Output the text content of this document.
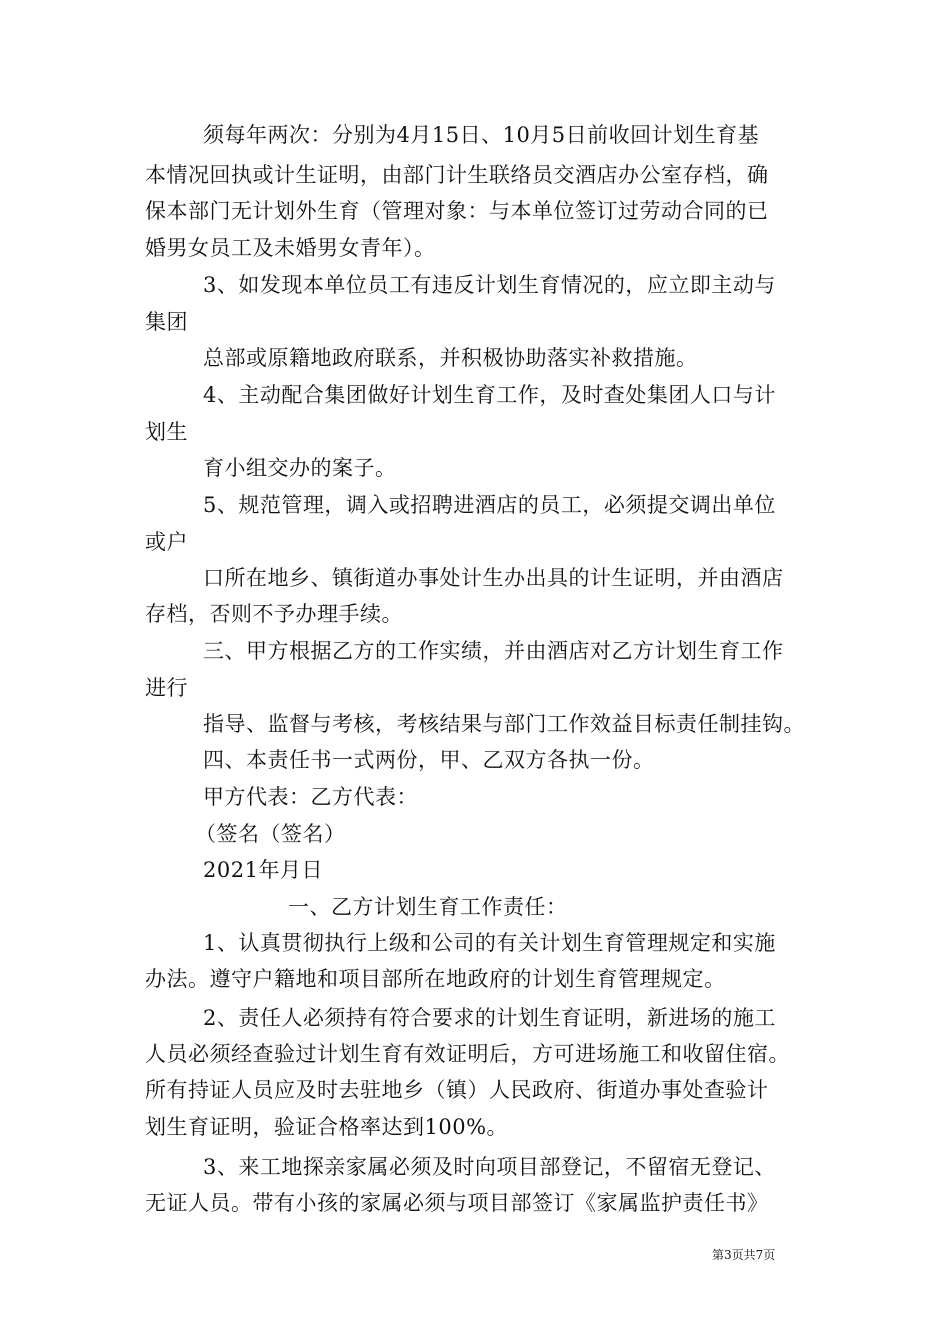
须每年两次：分别为4月15日、10月5日前收回计划生育基

本情况回执或计生证明，由部门计生联络员交酒店办公室存档，确

保本部门无计划外生育（管理对象：与本单位签订过劳动合同的已

婚男女员工及未婚男女青年）。

3、如发现本单位员工有违反计划生育情况的，应立即主动与

集团

总部或原籍地政府联系，并积极协助落实补救措施。

4、主动配合集团做好计划生育工作，及时查处集团人口与计

划生

育小组交办的案子。

5、规范管理，调入或招聘进酒店的员工，必须提交调出单位

或户

口所在地乡、镇街道办事处计生办出具的计生证明，并由酒店

存档，否则不予办理手续。

三、甲方根据乙方的工作实绩，并由酒店对乙方计划生育工作

进行

指导、监督与考核，考核结果与部门工作效益目标责任制挂钩。

四、本责任书一式两份，甲、乙双方各执一份。

甲方代表：乙方代表：

（签名（签名）

2021年月日

一、乙方计划生育工作责任：

1、认真贯彻执行上级和公司的有关计划生育管理规定和实施

办法。遵守户籍地和项目部所在地政府的计划生育管理规定。

2、责任人必须持有符合要求的计划生育证明，新进场的施工

人员必须经查验过计划生育有效证明后，方可进场施工和收留住宿。

所有持证人员应及时去驻地乡（镇）人民政府、街道办事处查验计

划生育证明，验证合格率达到100%。

3、来工地探亲家属必须及时向项目部登记，不留宿无登记、

无证人员。带有小孩的家属必须与项目部签订《家属监护责任书》

第3页共7页
